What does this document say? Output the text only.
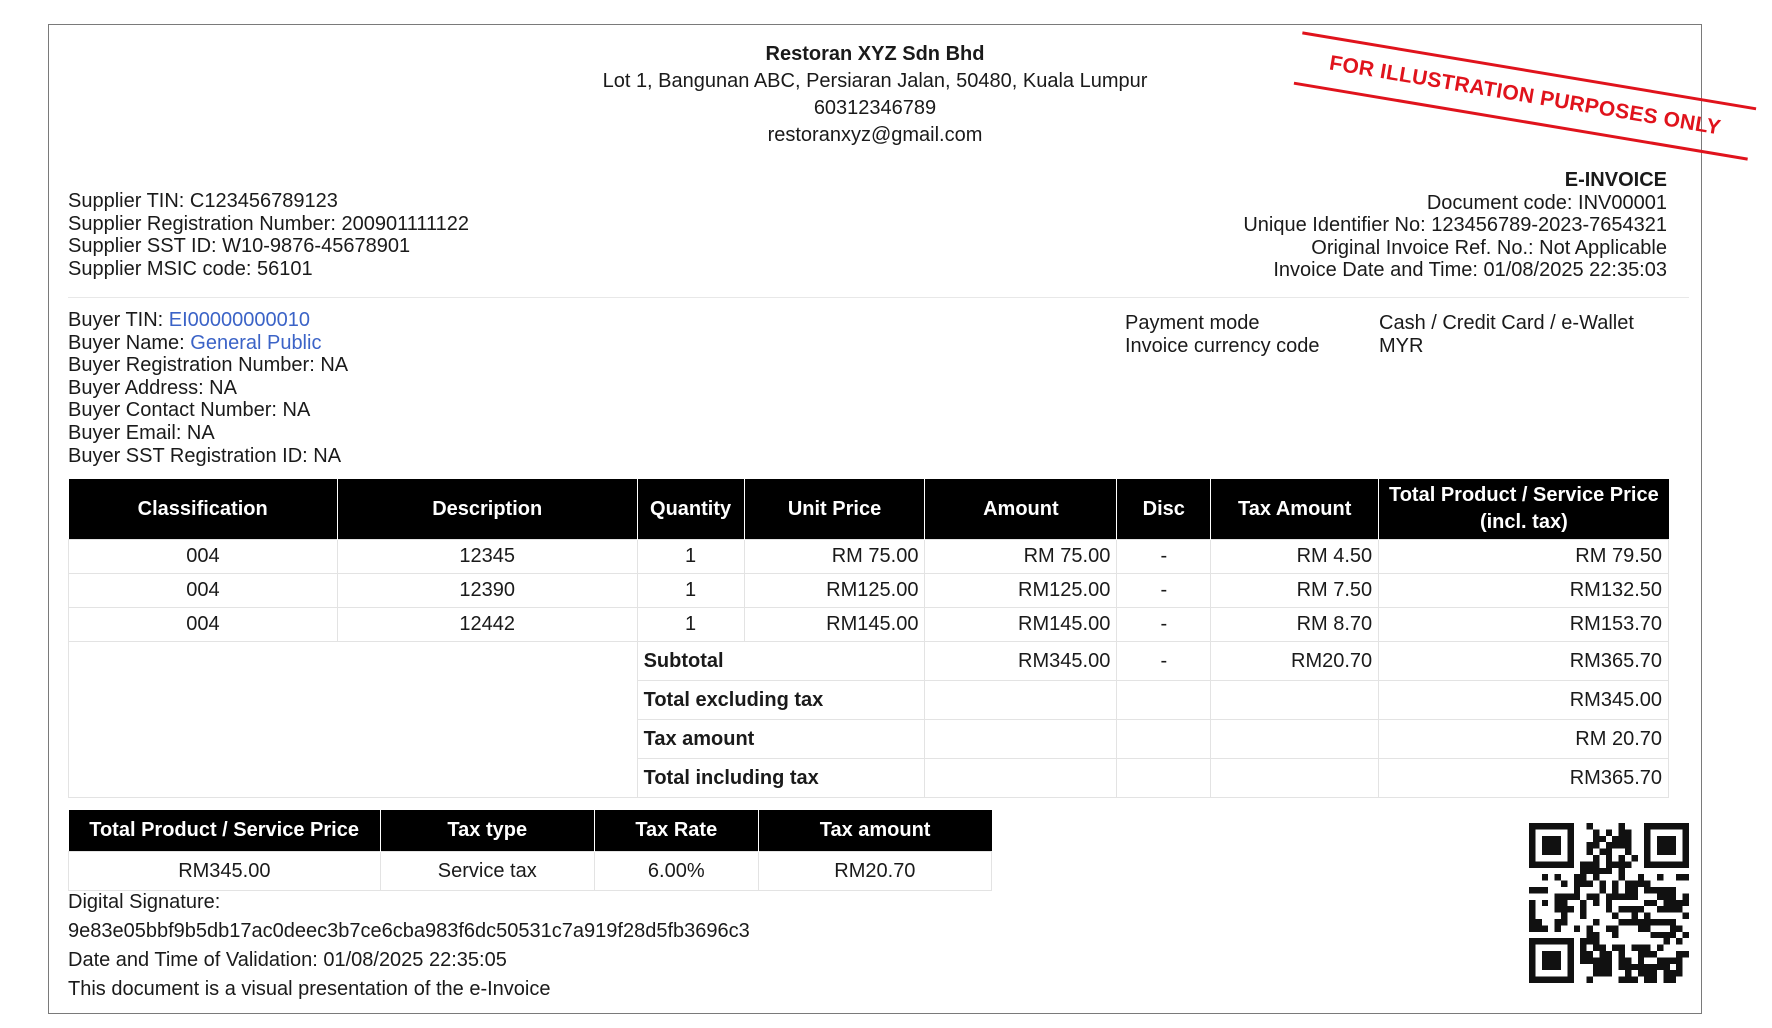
Restoran XYZ Sdn Bhd
Lot 1, Bangunan ABC, Persiaran Jalan, 50480, Kuala Lumpur
60312346789
restoranxyz@gmail.com	FOR ILLUSTRATION PURPOSES ONLY
Supplier TIN: C123456789123
Supplier Registration Number: 200901111122
Supplier SST ID: W10-9876-45678901
Supplier MSIC code: 56101
E-INVOICE
Document code: INV00001
Unique Identifier No: 123456789-2023-7654321
Original Invoice Ref. No.: Not Applicable
Invoice Date and Time: 01/08/2025 22:35:03
Buyer TIN: EI00000000010
Buyer Name: General Public
Buyer Registration Number: NA
Buyer Address: NA
Buyer Contact Number: NA
Buyer Email: NA
Buyer SST Registration ID: NA
Payment mode	Cash / Credit Card / e-Wallet
Invoice currency code	MYR
Classification	Description	Quantity	Unit Price	Amount	Disc	Tax Amount	Total Product / Service Price (incl. tax)
004	12345	1	RM 75.00	RM 75.00	-	RM 4.50	RM 79.50
004	12390	1	RM125.00	RM125.00	-	RM 7.50	RM132.50
004	12442	1	RM145.00	RM145.00	-	RM 8.70	RM153.70
		Subtotal		RM345.00	-	RM20.70	RM365.70
		Total excluding tax					RM345.00
		Tax amount					RM 20.70
		Total including tax					RM365.70
Total Product / Service Price	Tax type	Tax Rate	Tax amount
RM345.00	Service tax	6.00%	RM20.70
Digital Signature:
9e83e05bbf9b5db17ac0deec3b7ce6cba983f6dc50531c7a919f28d5fb3696c3
Date and Time of Validation: 01/08/2025 22:35:05
This document is a visual presentation of the e-Invoice
